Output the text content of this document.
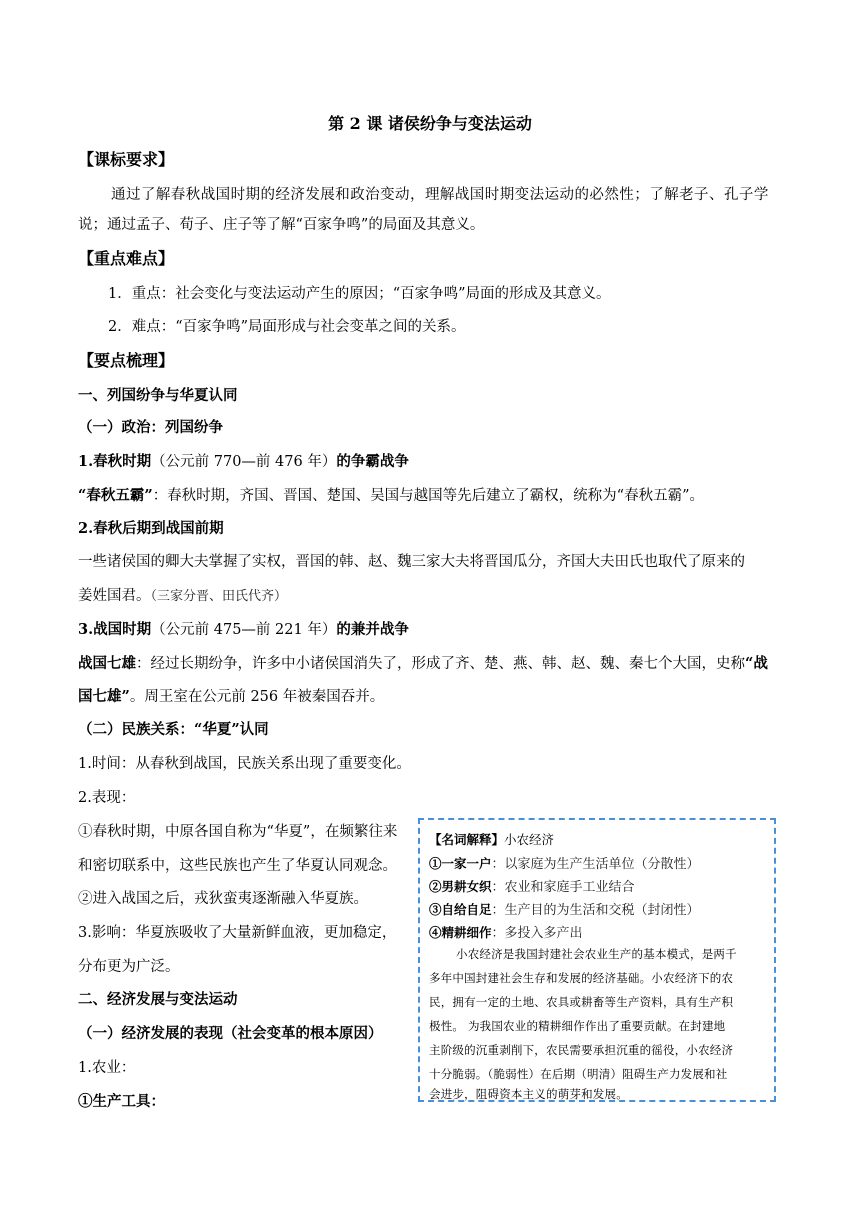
第 2 课 诸侯纷争与变法运动
【课标要求】
通过了解春秋战国时期的经济发展和政治变动，理解战国时期变法运动的必然性；了解老子、孔子学
说；通过孟子、荀子、庄子等了解“百家争鸣”的局面及其意义。
【重点难点】
1．重点：社会变化与变法运动产生的原因；“百家争鸣”局面的形成及其意义。
2．难点：“百家争鸣”局面形成与社会变革之间的关系。
【要点梳理】
一、列国纷争与华夏认同
（一）政治：列国纷争
1.春秋时期（公元前 770—前 476 年）的争霸战争
“春秋五霸”：春秋时期，齐国、晋国、楚国、吴国与越国等先后建立了霸权，统称为“春秋五霸”。
2.春秋后期到战国前期
一些诸侯国的卿大夫掌握了实权，晋国的韩、赵、魏三家大夫将晋国瓜分，齐国大夫田氏也取代了原来的
姜姓国君。（三家分晋、田氏代齐）
3.战国时期（公元前 475—前 221 年）的兼并战争
战国七雄：经过长期纷争，许多中小诸侯国消失了，形成了齐、楚、燕、韩、赵、魏、秦七个大国，史称“战
国七雄”。周王室在公元前 256 年被秦国吞并。
（二）民族关系：“华夏”认同
1.时间：从春秋到战国，民族关系出现了重要变化。
2.表现：
①春秋时期，中原各国自称为“华夏”，在频繁往来
和密切联系中，这些民族也产生了华夏认同观念。
②进入战国之后，戎狄蛮夷逐渐融入华夏族。
3.影响：华夏族吸收了大量新鲜血液，更加稳定，
分布更为广泛。
二、经济发展与变法运动
（一）经济发展的表现（社会变革的根本原因）
1.农业：
①生产工具：
【名词解释】小农经济
①一家一户：以家庭为生产生活单位（分散性）
②男耕女织：农业和家庭手工业结合
③自给自足：生产目的为生活和交税（封闭性）
④精耕细作：多投入多产出
小农经济是我国封建社会农业生产的基本模式，是两千
多年中国封建社会生存和发展的经济基础。小农经济下的农
民，拥有一定的土地、农具或耕畜等生产资料，具有生产积
极性。 为我国农业的精耕细作作出了重要贡献。在封建地
主阶级的沉重剥削下，农民需要承担沉重的徭役，小农经济
十分脆弱。（脆弱性）在后期（明清）阻碍生产力发展和社
会进步，阻碍资本主义的萌芽和发展。
